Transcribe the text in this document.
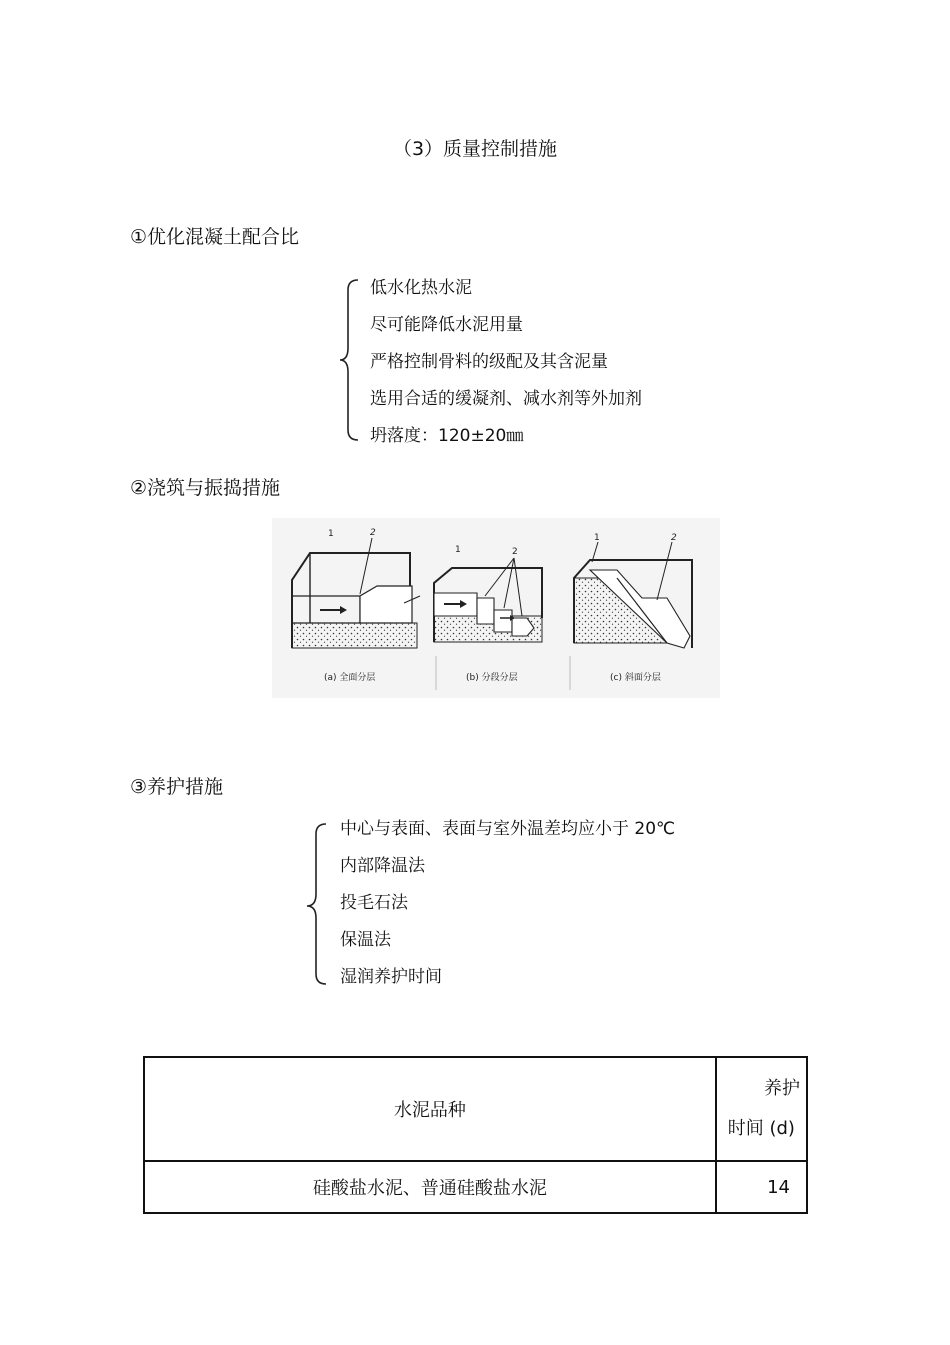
（3）质量控制措施
①优化混凝土配合比
低水化热水泥
尽可能降低水泥用量
严格控制骨料的级配及其含泥量
选用合适的缓凝剂、减水剂等外加剂
坍落度：120±20㎜
②浇筑与振捣措施
1	2
1	2
1	2
(a) 全面分层	(b) 分段分层	(c) 斜面分层
③养护措施
中心与表面、表面与室外温差均应小于 20℃
内部降温法
投毛石法
保温法
湿润养护时间
水泥品种	养护
时间 (d)

硅酸盐水泥、普通硅酸盐水泥	14
